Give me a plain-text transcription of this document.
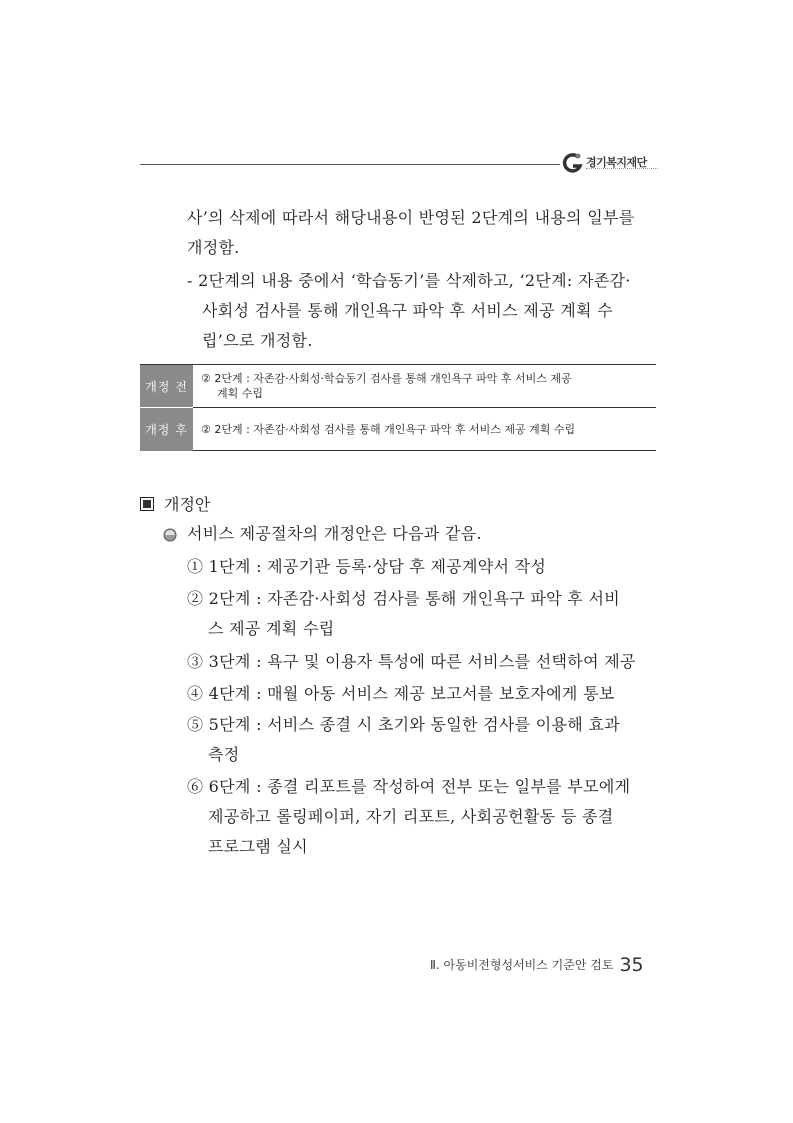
경기복지재단
사’의 삭제에 따라서 해당내용이 반영된 2단계의 내용의 일부를
개정함.
- 2단계의 내용 중에서 ‘학습동기’를 삭제하고, ‘2단계: 자존감·
사회성 검사를 통해 개인욕구 파악 후 서비스 제공 계획 수
립’으로 개정함.
개정 전	② 2단계 : 자존감·사회성·학습동기 검사를 통해 개인욕구 파악 후 서비스 제공
계획 수립

개정 후	② 2단계 : 자존감·사회성 검사를 통해 개인욕구 파악 후 서비스 제공 계획 수립
개정안
서비스 제공절차의 개정안은 다음과 같음.
① 1단계 : 제공기관 등록·상담 후 제공계약서 작성
② 2단계 : 자존감·사회성 검사를 통해 개인욕구 파악 후 서비
스 제공 계획 수립
③ 3단계 : 욕구 및 이용자 특성에 따른 서비스를 선택하여 제공
④ 4단계 : 매월 아동 서비스 제공 보고서를 보호자에게 통보
⑤ 5단계 : 서비스 종결 시 초기와 동일한 검사를 이용해 효과
측정
⑥ 6단계 : 종결 리포트를 작성하여 전부 또는 일부를 부모에게
제공하고 롤링페이퍼, 자기 리포트, 사회공헌활동 등 종결
프로그램 실시
Ⅱ. 아동비전형성서비스 기준안 검토 35
